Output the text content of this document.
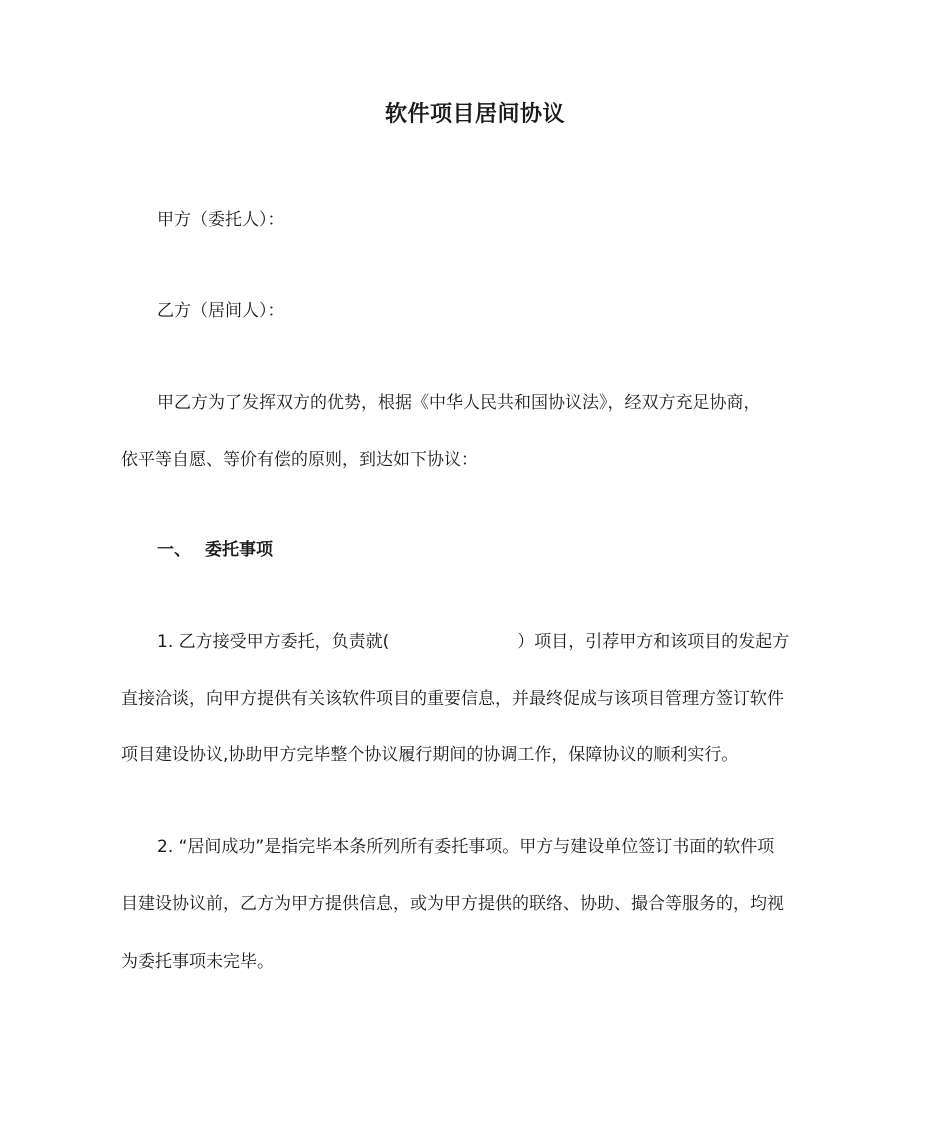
软件项目居间协议
甲方（委托人）：
乙方（居间人）：
甲乙方为了发挥双方的优势，根据《中华人民共和国协议法》，经双方充足协商，
依平等自愿、等价有偿的原则，到达如下协议：
一、 委托事项
1. 乙方接受甲方委托，负责就(	）项目，引荐甲方和该项目的发起方
直接洽谈，向甲方提供有关该软件项目的重要信息，并最终促成与该项目管理方签订软件
项目建设协议,协助甲方完毕整个协议履行期间的协调工作，保障协议的顺利实行。
2. “居间成功”是指完毕本条所列所有委托事项。甲方与建设单位签订书面的软件项
目建设协议前，乙方为甲方提供信息，或为甲方提供的联络、协助、撮合等服务的，均视
为委托事项未完毕。
